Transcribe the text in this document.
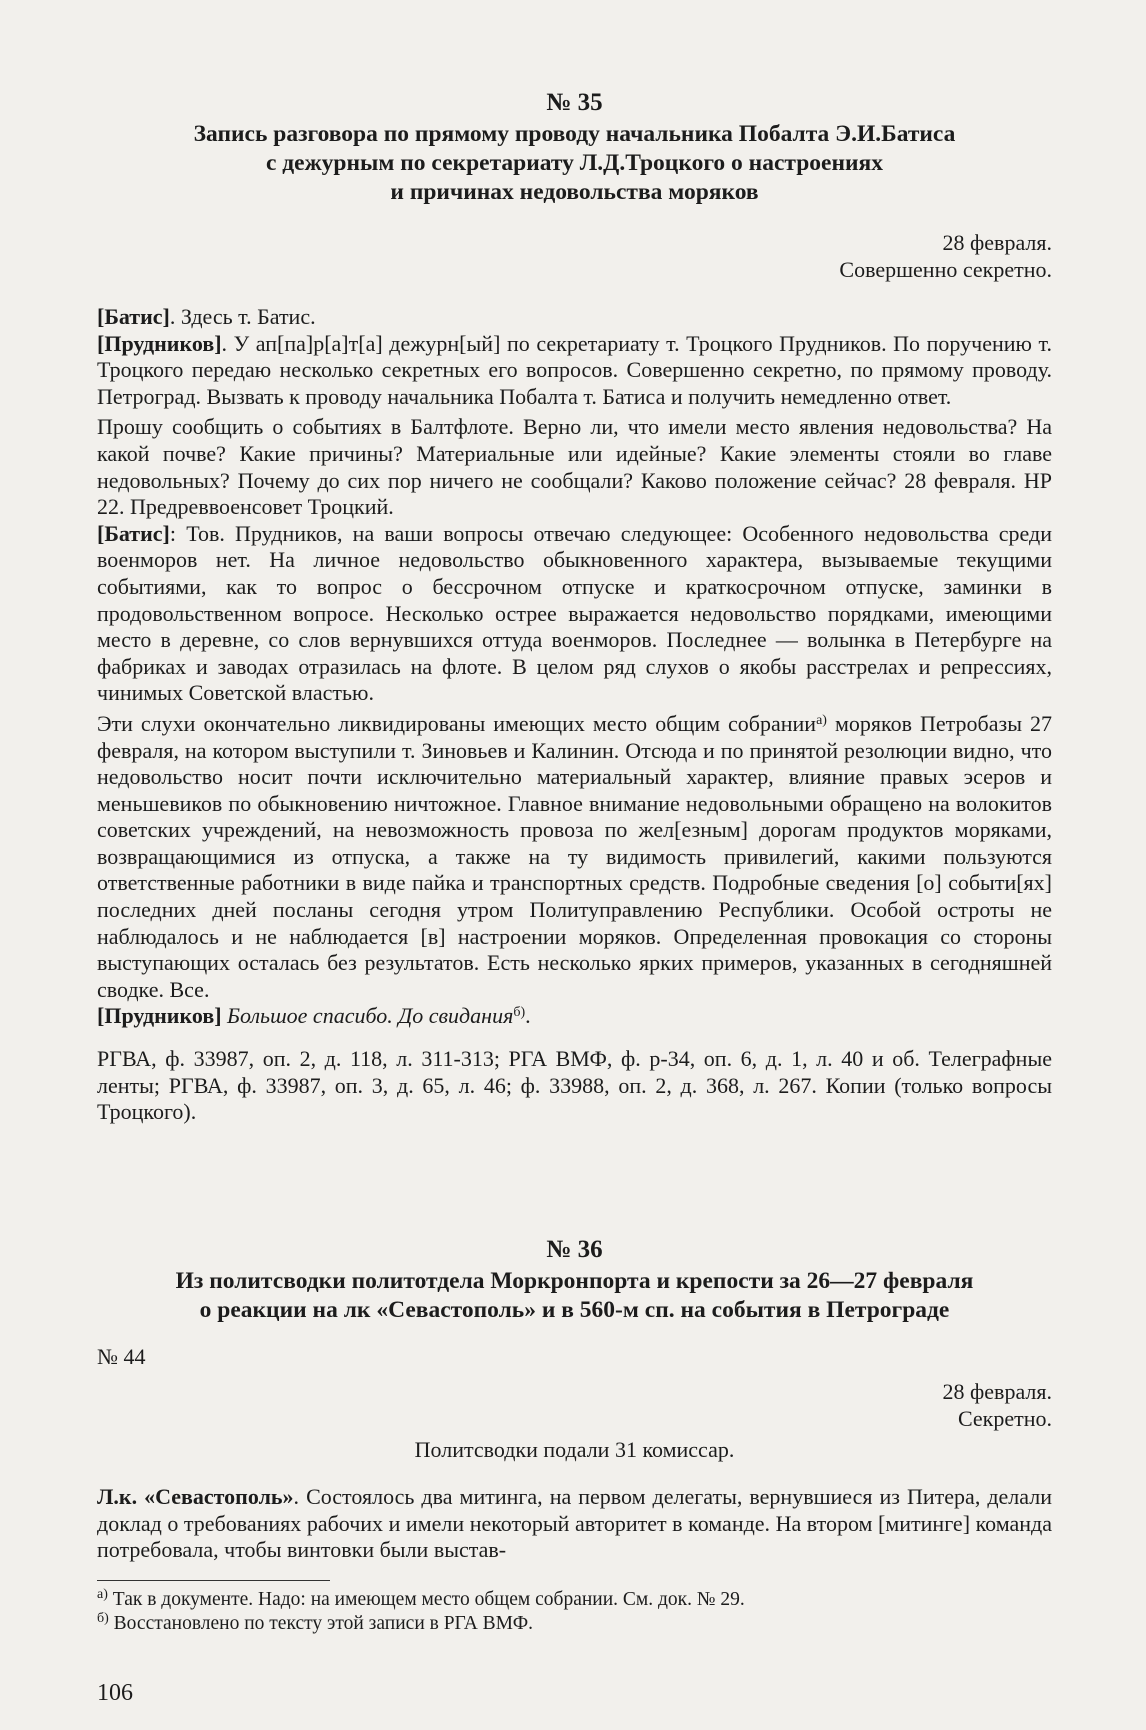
№ 35
Запись разговора по прямому проводу начальника Побалта Э.И.Батиса
с дежурным по секретариату Л.Д.Троцкого о настроениях
и причинах недовольства моряков
28 февраля.
Совершенно секретно.

[Батис]. Здесь т. Батис.

[Прудников]. У ап[па]р[а]т[а] дежурн[ый] по секретариату т. Троцкого Прудников. По поручению т. Троцкого передаю несколько секретных его вопросов. Совершенно секретно, по прямому проводу. Петроград. Вызвать к проводу начальника Побалта т. Батиса и получить немедленно ответ.

Прошу сообщить о событиях в Балтфлоте. Верно ли, что имели место явления недовольства? На какой почве? Какие причины? Материальные или идейные? Какие элементы стояли во главе недовольных? Почему до сих пор ничего не сообщали? Каково положение сейчас? 28 февраля. НР 22. Предреввоенсовет Троцкий.

[Батис]: Тов. Прудников, на ваши вопросы отвечаю следующее: Особенного недовольства среди военморов нет. На личное недовольство обыкновенного характера, вызываемые текущими событиями, как то вопрос о бессрочном отпуске и краткосрочном отпуске, заминки в продовольственном вопросе. Несколько острее выражается недовольство порядками, имеющими место в деревне, со слов вернувшихся оттуда военморов. Последнее — волынка в Петербурге на фабриках и заводах отразилась на флоте. В целом ряд слухов о якобы расстрелах и репрессиях, чинимых Советской властью.

Эти слухи окончательно ликвидированы имеющих место общим собрании$^{а)}$ моряков Петробазы 27 февраля, на котором выступили т. Зиновьев и Калинин. Отсюда и по принятой резолюции видно, что недовольство носит почти исключительно материальный характер, влияние правых эсеров и меньшевиков по обыкновению ничтожное. Главное внимание недовольными обращено на волокитов советских учреждений, на невозможность провоза по жел[езным] дорогам продуктов моряками, возвращающимися из отпуска, а также на ту видимость привилегий, какими пользуются ответственные работники в виде пайка и транспортных средств. Подробные сведения [о] событи[ях] последних дней посланы сегодня утром Политуправлению Республики. Особой остроты не наблюдалось и не наблюдается [в] настроении моряков. Определенная провокация со стороны выступающих осталась без результатов. Есть несколько ярких примеров, указанных в сегодняшней сводке. Все.

[Прудников] Большое спасибо. До свидания$^{б)}$.

РГВА, ф. 33987, оп. 2, д. 118, л. 311-313; РГА ВМФ, ф. р-34, оп. 6, д. 1, л. 40 и об. Телеграфные ленты; РГВА, ф. 33987, оп. 3, д. 65, л. 46; ф. 33988, оп. 2, д. 368, л. 267. Копии (только вопросы Троцкого).

№ 36
Из политсводки политотдела Моркронпорта и крепости за 26—27 февраля
о реакции на лк «Севастополь» и в 560-м сп. на события в Петрограде
№ 44
28 февраля.
Секретно.
Политсводки подали 31 комиссар.

Л.к. «Севастополь». Состоялось два митинга, на первом делегаты, вернувшиеся из Питера, делали доклад о требованиях рабочих и имели некоторый авторитет в команде. На втором [митинге] команда потребовала, чтобы винтовки были выстав-

$^{а)}$ Так в документе. Надо: на имеющем место общем собрании. См. док. № 29.

$^{б)}$ Восстановлено по тексту этой записи в РГА ВМФ.

106
